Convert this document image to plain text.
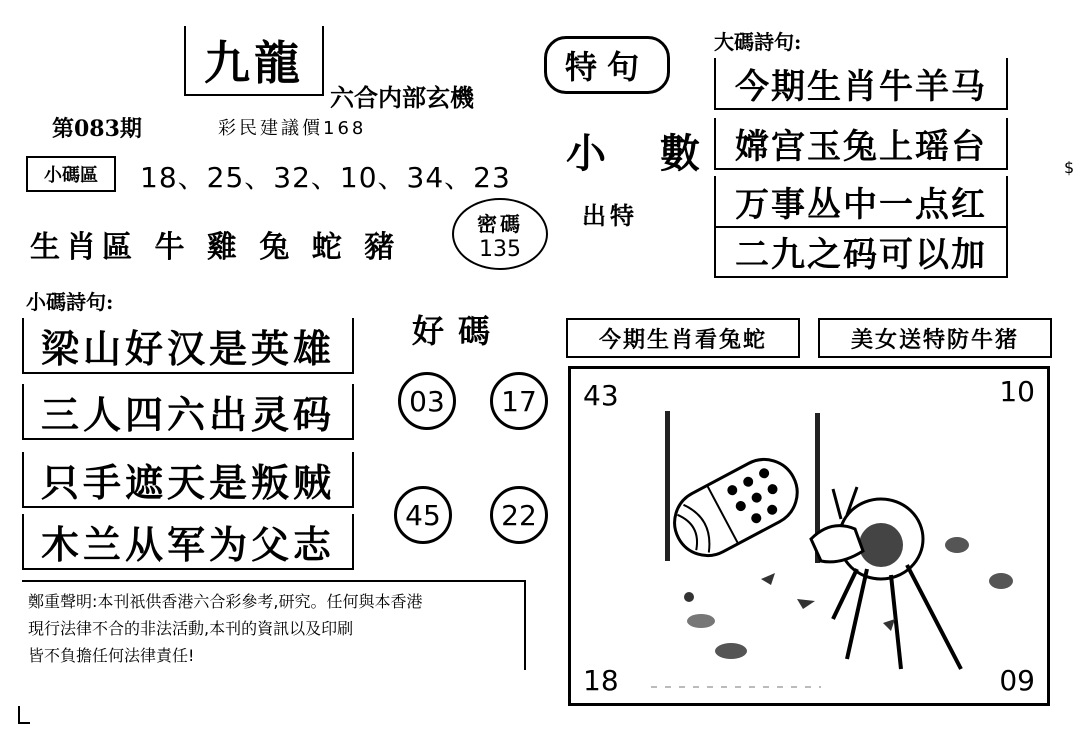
九龍
六合内部玄機
第083期	彩民建議價168
小碼區	18、25、32、10、34、23
生肖區 牛 雞 兔 蛇 豬
密碼
135
小碼詩句:
梁山好汉是英雄
三人四六出灵码
只手遮天是叛贼
木兰从军为父志
好碼
03	17
45	22
特句
小 數
出特
大碼詩句:
今期生肖牛羊马
嫦宫玉兔上瑶台
万事丛中一点红
二九之码可以加
今期生肖看兔蛇	美女送特防牛猪
43	10
18	09
鄭重聲明:本刊祇供香港六合彩參考,研究。任何與本香港
現行法律不合的非法活動,本刊的資訊以及印刷
皆不負擔任何法律責任!
$
